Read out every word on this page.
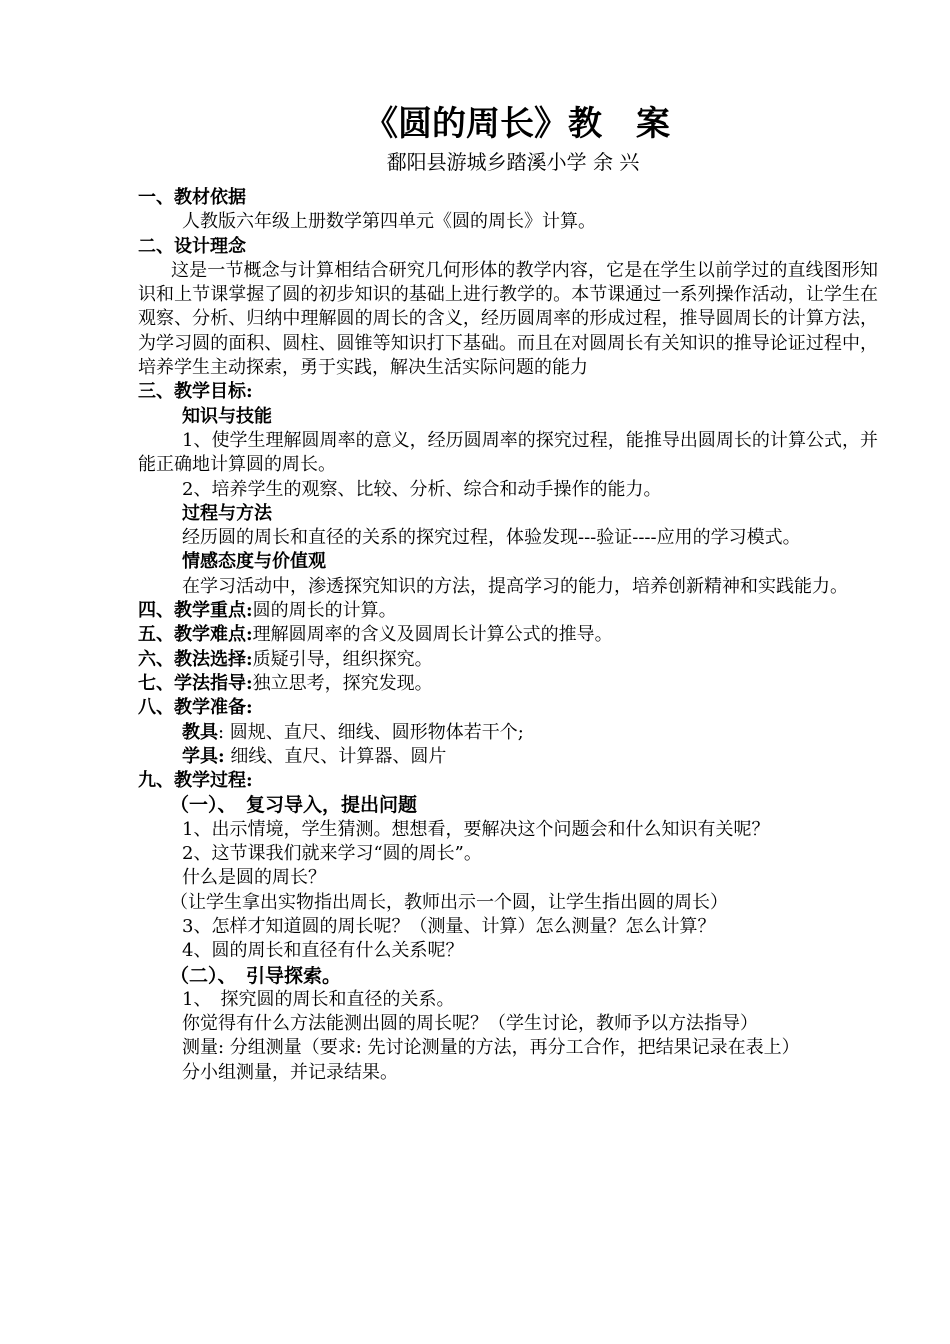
《圆的周长》教　案

鄱阳县游城乡踏溪小学 余 兴

一、教材依据

人教版六年级上册数学第四单元《圆的周长》计算。

二、设计理念

这是一节概念与计算相结合研究几何形体的教学内容，它是在学生以前学过的直线图形知识和上节课掌握了圆的初步知识的基础上进行教学的。本节课通过一系列操作活动，让学生在观察、分析、归纳中理解圆的周长的含义，经历圆周率的形成过程，推导圆周长的计算方法，为学习圆的面积、圆柱、圆锥等知识打下基础。而且在对圆周长有关知识的推导论证过程中，培养学生主动探索，勇于实践，解决生活实际问题的能力

三、教学目标:

知识与技能

1、使学生理解圆周率的意义，经历圆周率的探究过程，能推导出圆周长的计算公式，并能正确地计算圆的周长。

2、培养学生的观察、比较、分析、综合和动手操作的能力。

过程与方法

经历圆的周长和直径的关系的探究过程，体验发现---验证----应用的学习模式。

情感态度与价值观

在学习活动中，渗透探究知识的方法，提高学习的能力，培养创新精神和实践能力。

四、教学重点:圆的周长的计算。

五、教学难点:理解圆周率的含义及圆周长计算公式的推导。

六、教法选择:质疑引导，组织探究。

七、学法指导:独立思考，探究发现。

八、教学准备:

教具: 圆规、直尺、细线、圆形物体若干个;

学具: 细线、直尺、计算器、圆片

九、教学过程:

（一）、　复习导入，提出问题

1、出示情境，学生猜测。想想看，要解决这个问题会和什么知识有关呢？

2、这节课我们就来学习“圆的周长”。

什么是圆的周长？

（让学生拿出实物指出周长，教师出示一个圆，让学生指出圆的周长）

3、怎样才知道圆的周长呢？（测量、计算）怎么测量？怎么计算？

4、圆的周长和直径有什么关系呢？

（二）、　引导探索。

1、　探究圆的周长和直径的关系。

你觉得有什么方法能测出圆的周长呢？（学生讨论，教师予以方法指导）

测量: 分组测量（要求: 先讨论测量的方法，再分工合作，把结果记录在表上）

分小组测量，并记录结果。
